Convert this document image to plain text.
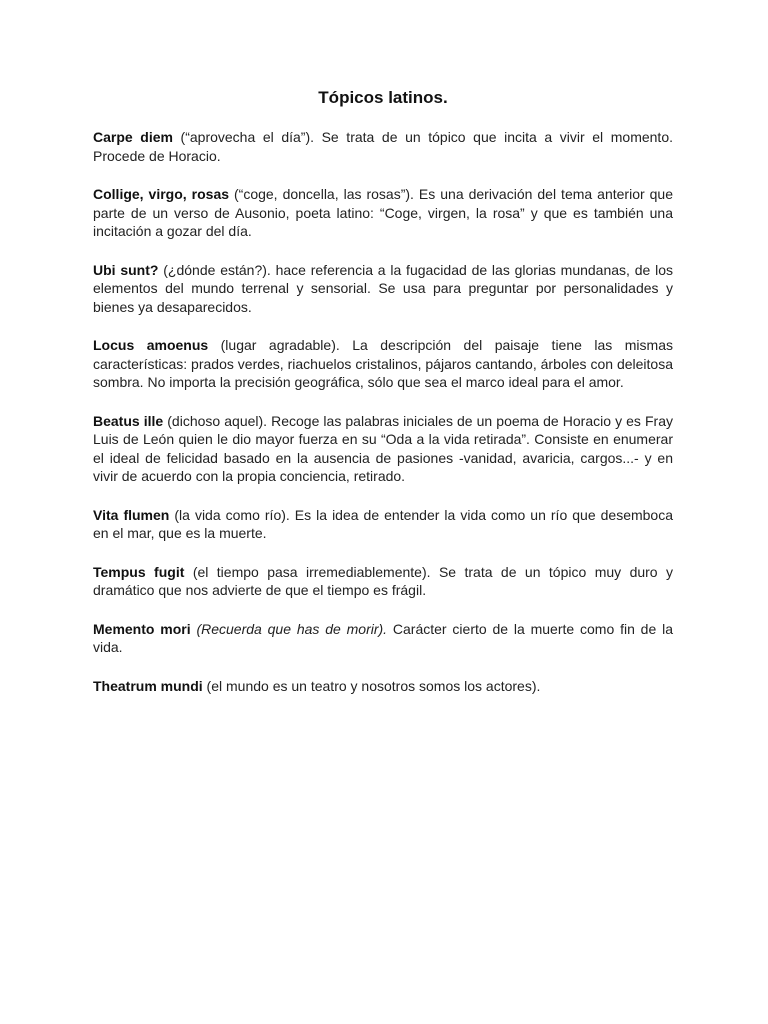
Tópicos latinos.

Carpe diem (“aprovecha el día”). Se trata de un tópico que incita a vivir el momento. Procede de Horacio.

Collige, virgo, rosas (“coge, doncella, las rosas”). Es una derivación del tema anterior que parte de un verso de Ausonio, poeta latino: “Coge, virgen, la rosa” y que es también una incitación a gozar del día.

Ubi sunt? (¿dónde están?). hace referencia a la fugacidad de las glorias mundanas, de los elementos del mundo terrenal y sensorial. Se usa para preguntar por personalidades y bienes ya desaparecidos.

Locus amoenus (lugar agradable). La descripción del paisaje tiene las mismas características: prados verdes, riachuelos cristalinos, pájaros cantando, árboles con deleitosa sombra. No importa la precisión geográfica, sólo que sea el marco ideal para el amor.

Beatus ille (dichoso aquel). Recoge las palabras iniciales de un poema de Horacio y es Fray Luis de León quien le dio mayor fuerza en su “Oda a la vida retirada”. Consiste en enumerar el ideal de felicidad basado en la ausencia de pasiones -vanidad, avaricia, cargos...- y en vivir de acuerdo con la propia conciencia, retirado.

Vita flumen (la vida como río). Es la idea de entender la vida como un río que desemboca en el mar, que es la muerte.

Tempus fugit (el tiempo pasa irremediablemente). Se trata de un tópico muy duro y dramático que nos advierte de que el tiempo es frágil.

Memento mori (Recuerda que has de morir). Carácter cierto de la muerte como fin de la vida.

Theatrum mundi (el mundo es un teatro y nosotros somos los actores).
